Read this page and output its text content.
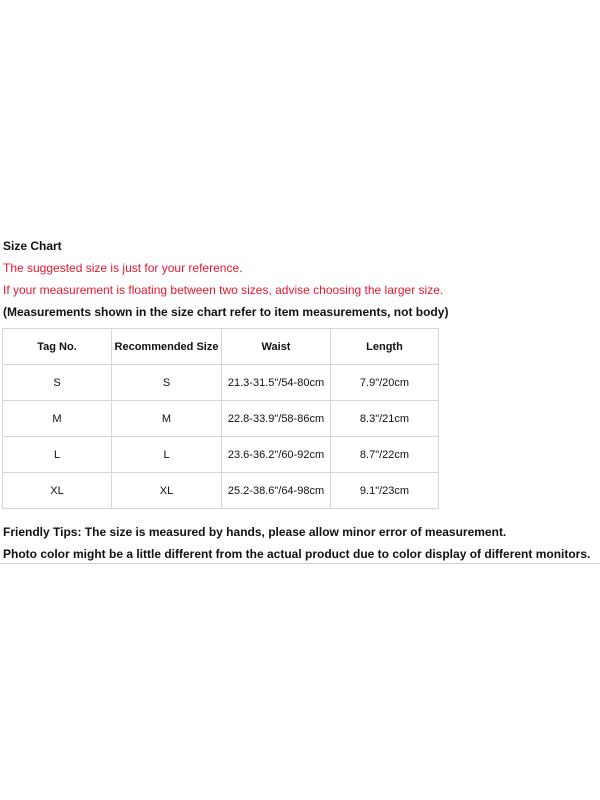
Size Chart

The suggested size is just for your reference.

If your measurement is floating between two sizes, advise choosing the larger size.

(Measurements shown in the size chart refer to item measurements, not body)

Tag No.	Recommended Size	Waist	Length
S	S	21.3-31.5"/54-80cm	7.9"/20cm
M	M	22.8-33.9"/58-86cm	8.3"/21cm
L	L	23.6-36.2"/60-92cm	8.7"/22cm
XL	XL	25.2-38.6"/64-98cm	9.1"/23cm

Friendly Tips: The size is measured by hands, please allow minor error of measurement.

Photo color might be a little different from the actual product due to color display of different monitors.
